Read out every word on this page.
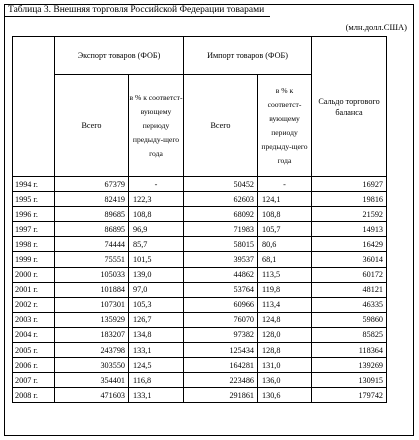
Таблица 3. Внешняя торговля Российской Федерации товарами
(млн.долл.США)
	Экспорт товаров (ФОБ)		Импорт товаров (ФОБ)		Сальдо торгового баланса
	Всего	в % к соответст-вующему периоду предыду-щего года	Всего	в % к соответст-вующему периоду предыду-щего года	
1994 г.	67379	-	50452	-	16927
1995 г.	82419	122,3	62603	124,1	19816
1996 г.	89685	108,8	68092	108,8	21592
1997 г.	86895	96,9	71983	105,7	14913
1998 г.	74444	85,7	58015	80,6	16429
1999 г.	75551	101,5	39537	68,1	36014
2000 г.	105033	139,0	44862	113,5	60172
2001 г.	101884	97,0	53764	119,8	48121
2002 г.	107301	105,3	60966	113,4	46335
2003 г.	135929	126,7	76070	124,8	59860
2004 г.	183207	134,8	97382	128,0	85825
2005 г.	243798	133,1	125434	128,8	118364
2006 г.	303550	124,5	164281	131,0	139269
2007 г.	354401	116,8	223486	136,0	130915
2008 г.	471603	133,1	291861	130,6	179742
